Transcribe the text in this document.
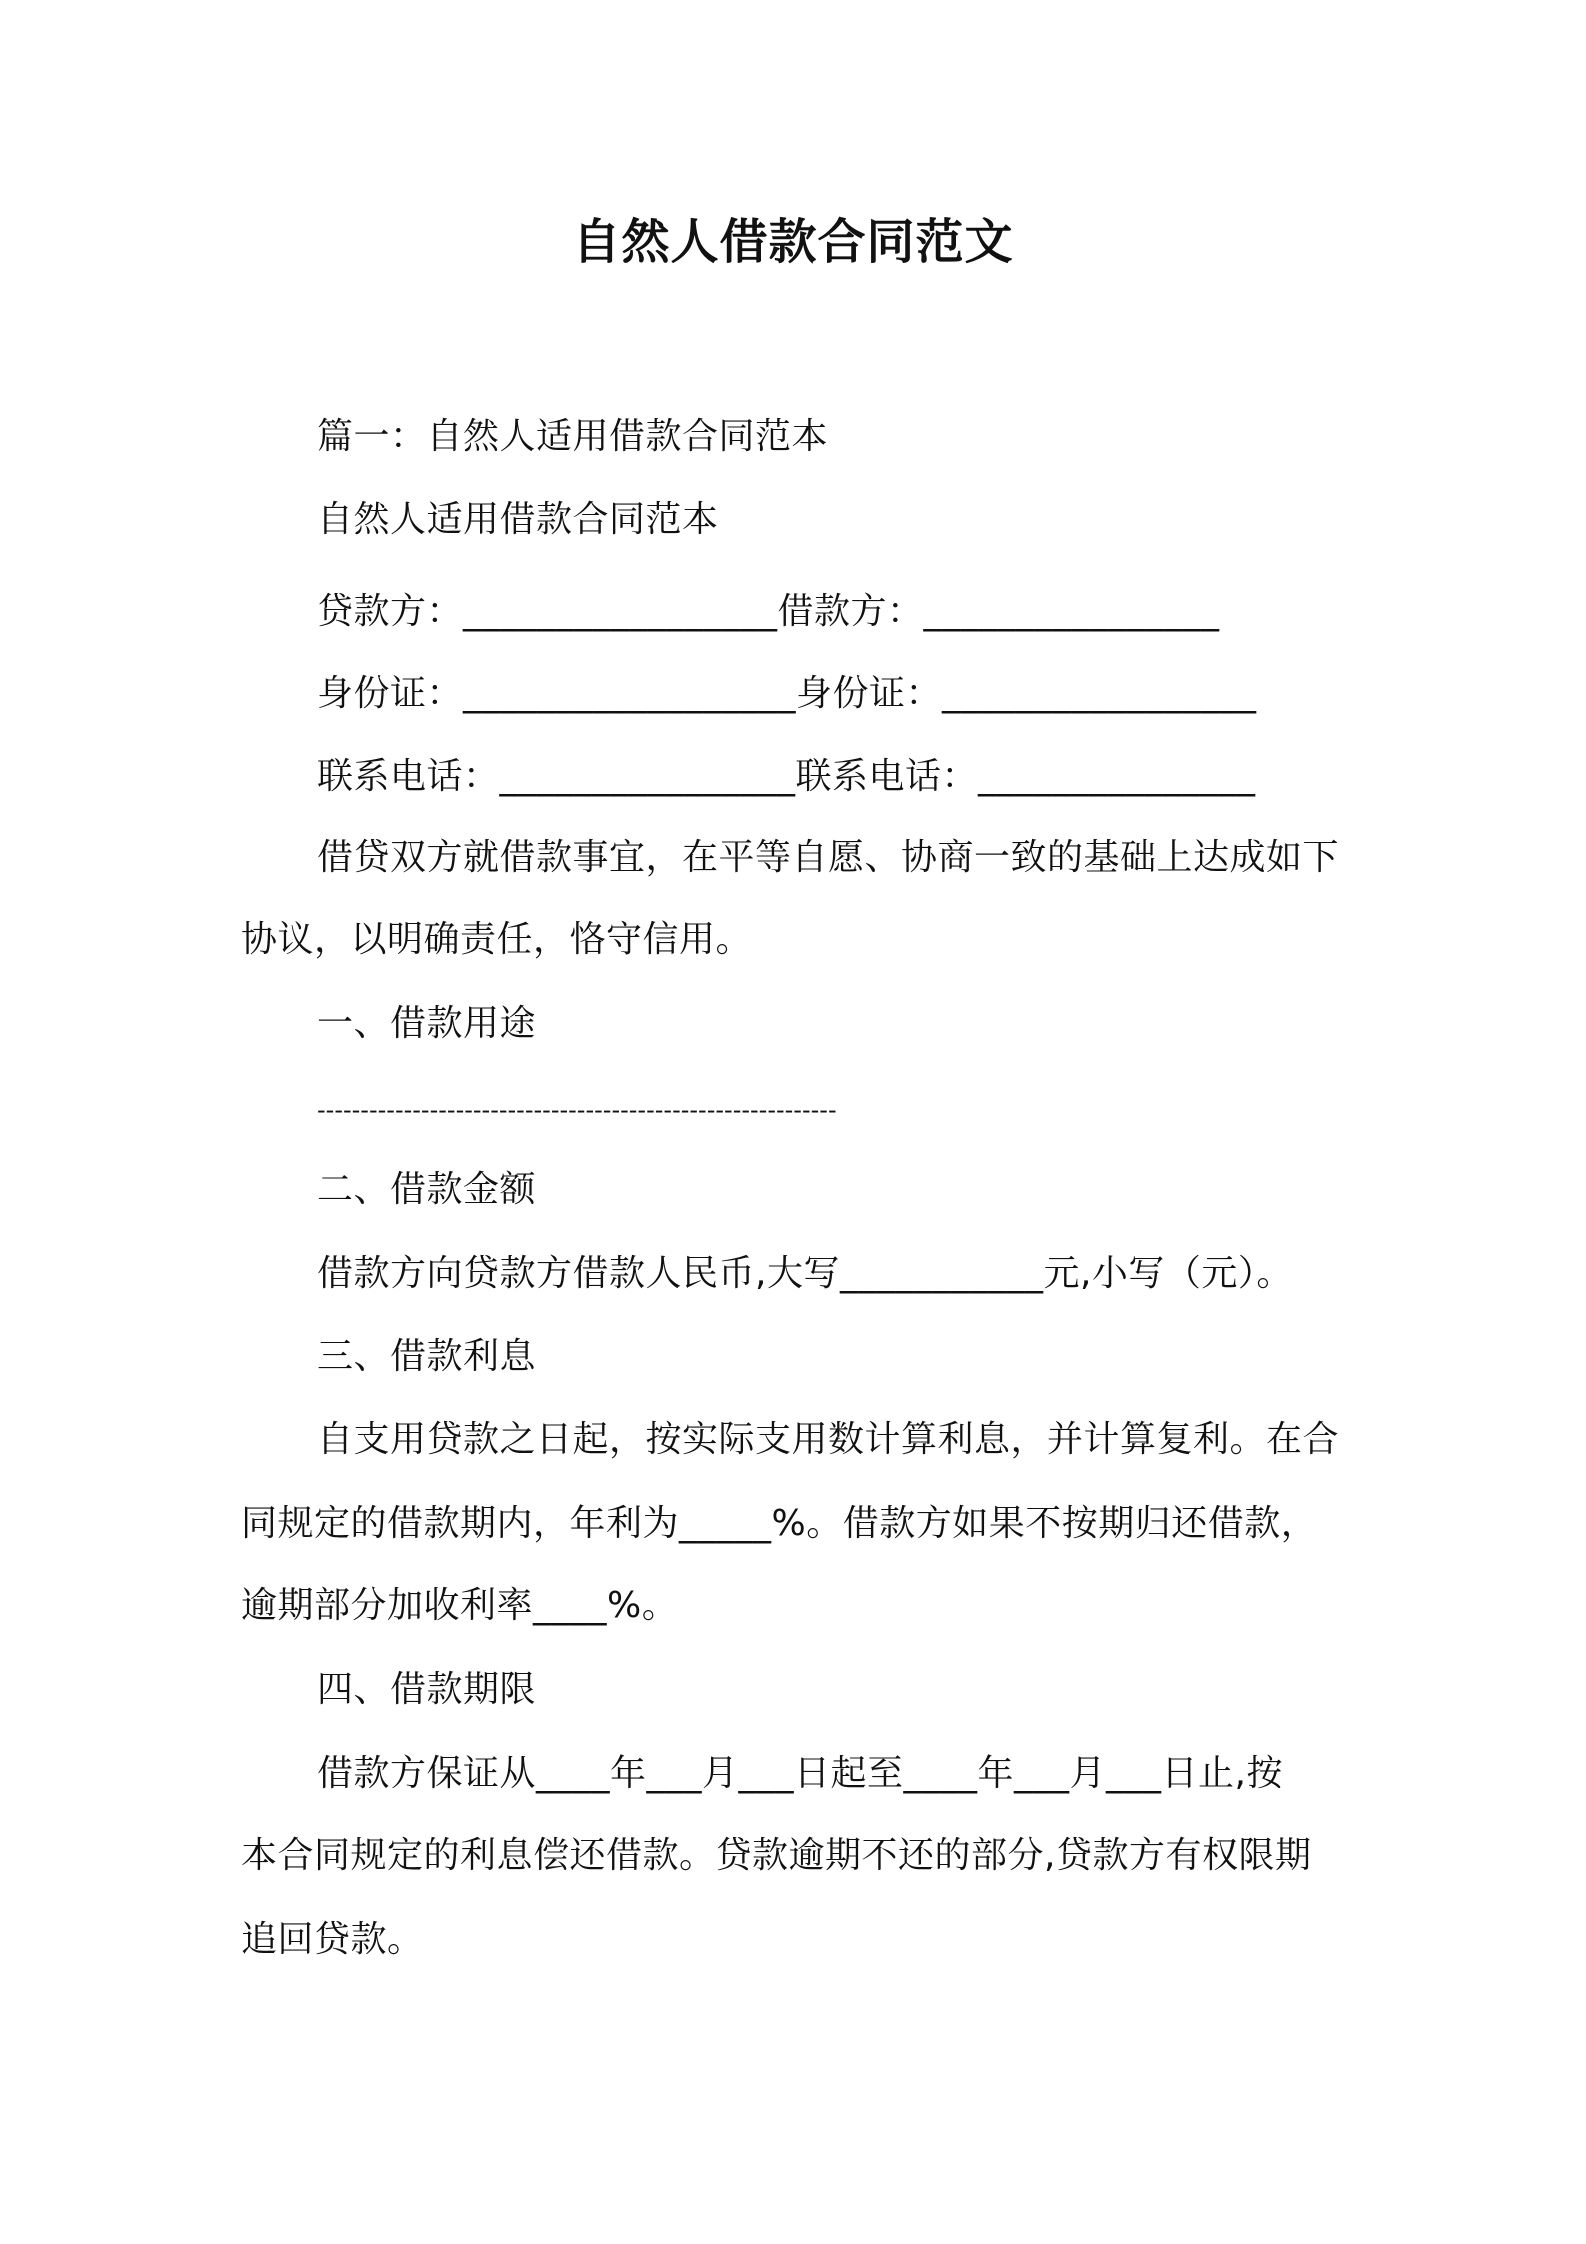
自然人借款合同范文
篇一：自然人适用借款合同范本
自然人适用借款合同范本
贷款方：_________________借款方：________________
身份证：__________________身份证：_________________
联系电话：________________联系电话：_______________
借贷双方就借款事宜，在平等自愿、协商一致的基础上达成如下
协议，以明确责任，恪守信用。
一、借款用途
------------------------------------------------------------
二、借款金额
借款方向贷款方借款人民币,大写___________元,小写（元）。
三、借款利息
自支用贷款之日起，按实际支用数计算利息，并计算复利。在合
同规定的借款期内，年利为_____%。借款方如果不按期归还借款，
逾期部分加收利率____%。
四、借款期限
借款方保证从____年___月___日起至____年___月___日止,按
本合同规定的利息偿还借款。贷款逾期不还的部分,贷款方有权限期
追回贷款。
